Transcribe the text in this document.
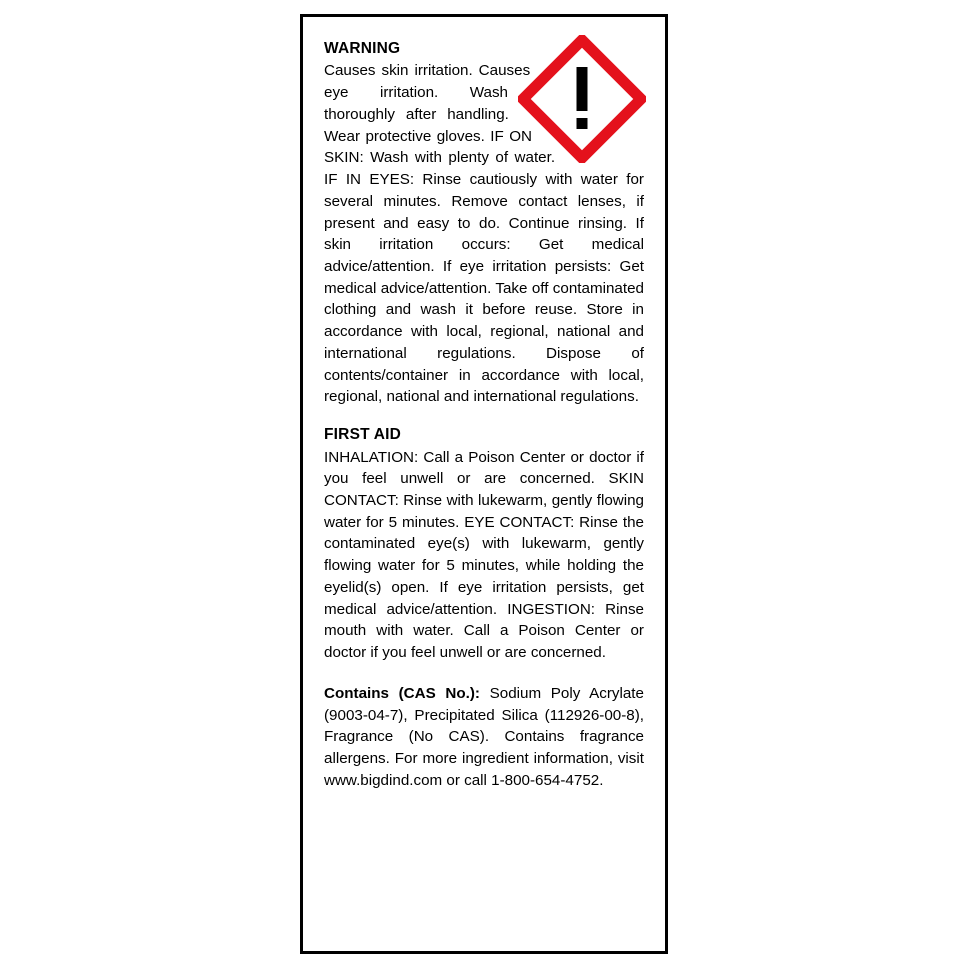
WARNING

Causes skin irritation. Causes eye irritation. Wash thoroughly after handling. Wear protective gloves. IF ON SKIN: Wash with plenty of water. IF IN EYES: Rinse cautiously with water for several minutes. Remove contact lenses, if present and easy to do. Continue rinsing. If skin irritation occurs: Get medical advice/attention. If eye irritation persists: Get medical advice/attention. Take off contaminated clothing and wash it before reuse. Store in accordance with local, regional, national and international regulations. Dispose of contents/container in accordance with local, regional, national and international regulations.

FIRST AID

INHALATION: Call a Poison Center or doctor if you feel unwell or are concerned. SKIN CONTACT: Rinse with lukewarm, gently flowing water for 5 minutes. EYE CONTACT: Rinse the contaminated eye(s) with lukewarm, gently flowing water for 5 minutes, while holding the eyelid(s) open. If eye irritation persists, get medical advice/attention. INGESTION: Rinse mouth with water. Call a Poison Center or doctor if you feel unwell or are concerned.

Contains (CAS No.): Sodium Poly Acrylate (9003-04-7), Precipitated Silica (112926-00-8), Fragrance (No CAS). Contains fragrance allergens. For more ingredient information, visit www.bigdind.com or call 1-800-654-4752.
